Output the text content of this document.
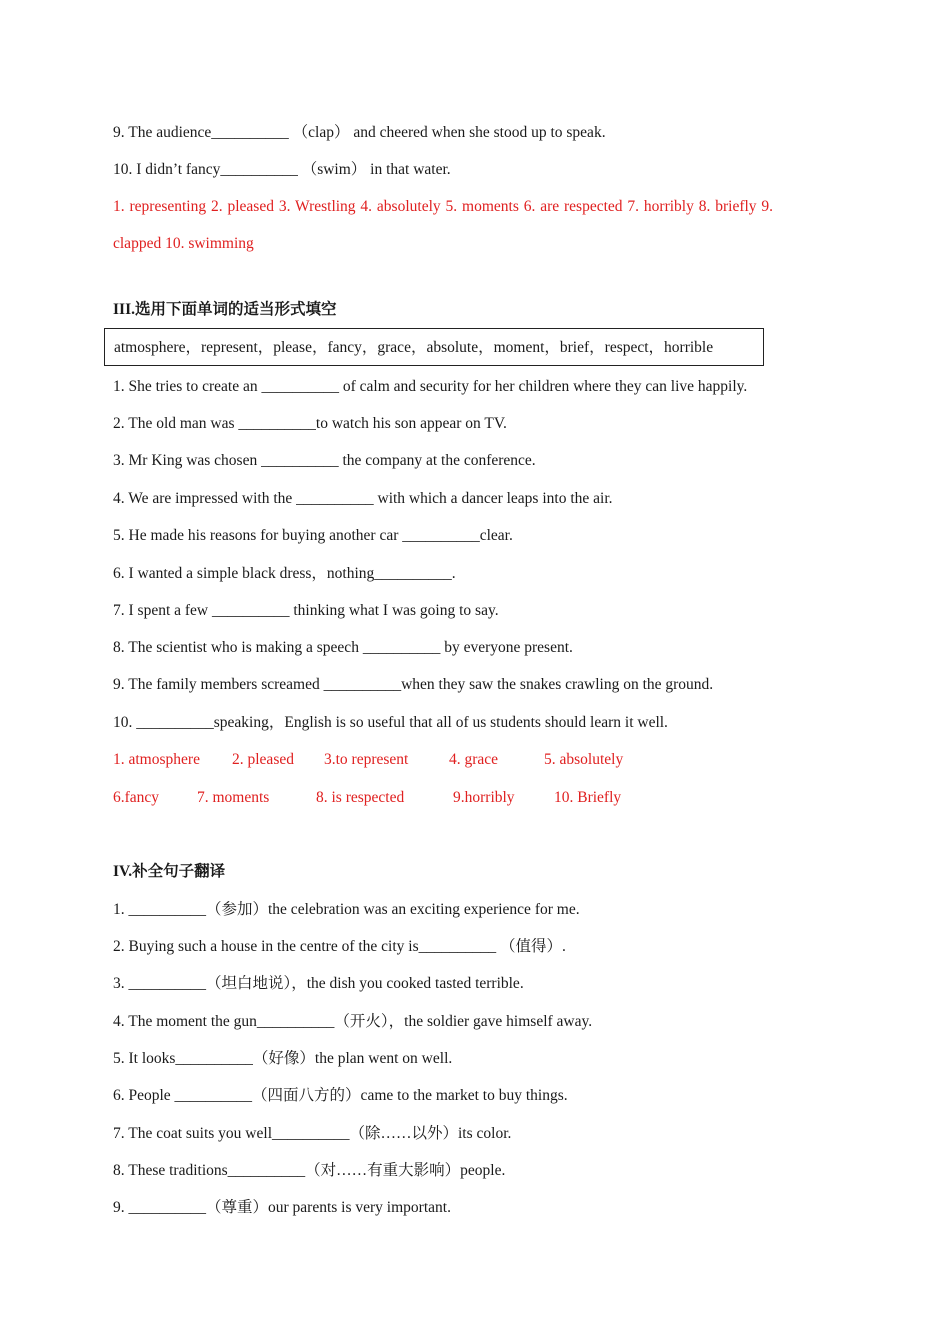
9. The audience__________ （clap） and cheered when she stood up to speak.
10. I didn’t fancy__________ （swim） in that water.
1. representing 2. pleased 3. Wrestling 4. absolutely 5. moments 6. are respected 7. horribly 8. briefly 9.
clapped 10. swimming
III.选用下面单词的适当形式填空
atmosphere，represent，please，fancy，grace，absolute，moment，brief，respect，horrible
1. She tries to create an __________ of calm and security for her children where they can live happily.
2. The old man was __________to watch his son appear on TV.
3. Mr King was chosen __________ the company at the conference.
4. We are impressed with the __________ with which a dancer leaps into the air.
5. He made his reasons for buying another car __________clear.
6. I wanted a simple black dress，nothing__________.
7. I spent a few __________ thinking what I was going to say.
8. The scientist who is making a speech __________ by everyone present.
9. The family members screamed __________when they saw the snakes crawling on the ground.
10. __________speaking，English is so useful that all of us students should learn it well.
1. atmosphere 2. pleased 3.to represent	4. grace	5. absolutely
6.fancy 7. moments	8. is respected	9.horribly	10. Briefly
IV.补全句子翻译
1. __________（参加）the celebration was an exciting experience for me.
2. Buying such a house in the centre of the city is__________ （值得）.
3. __________（坦白地说），the dish you cooked tasted terrible.
4. The moment the gun__________（开火），the soldier gave himself away.
5. It looks__________（好像）the plan went on well.
6. People __________（四面八方的）came to the market to buy things.
7. The coat suits you well__________（除……以外）its color.
8. These traditions__________（对……有重大影响）people.
9. __________（尊重）our parents is very important.
